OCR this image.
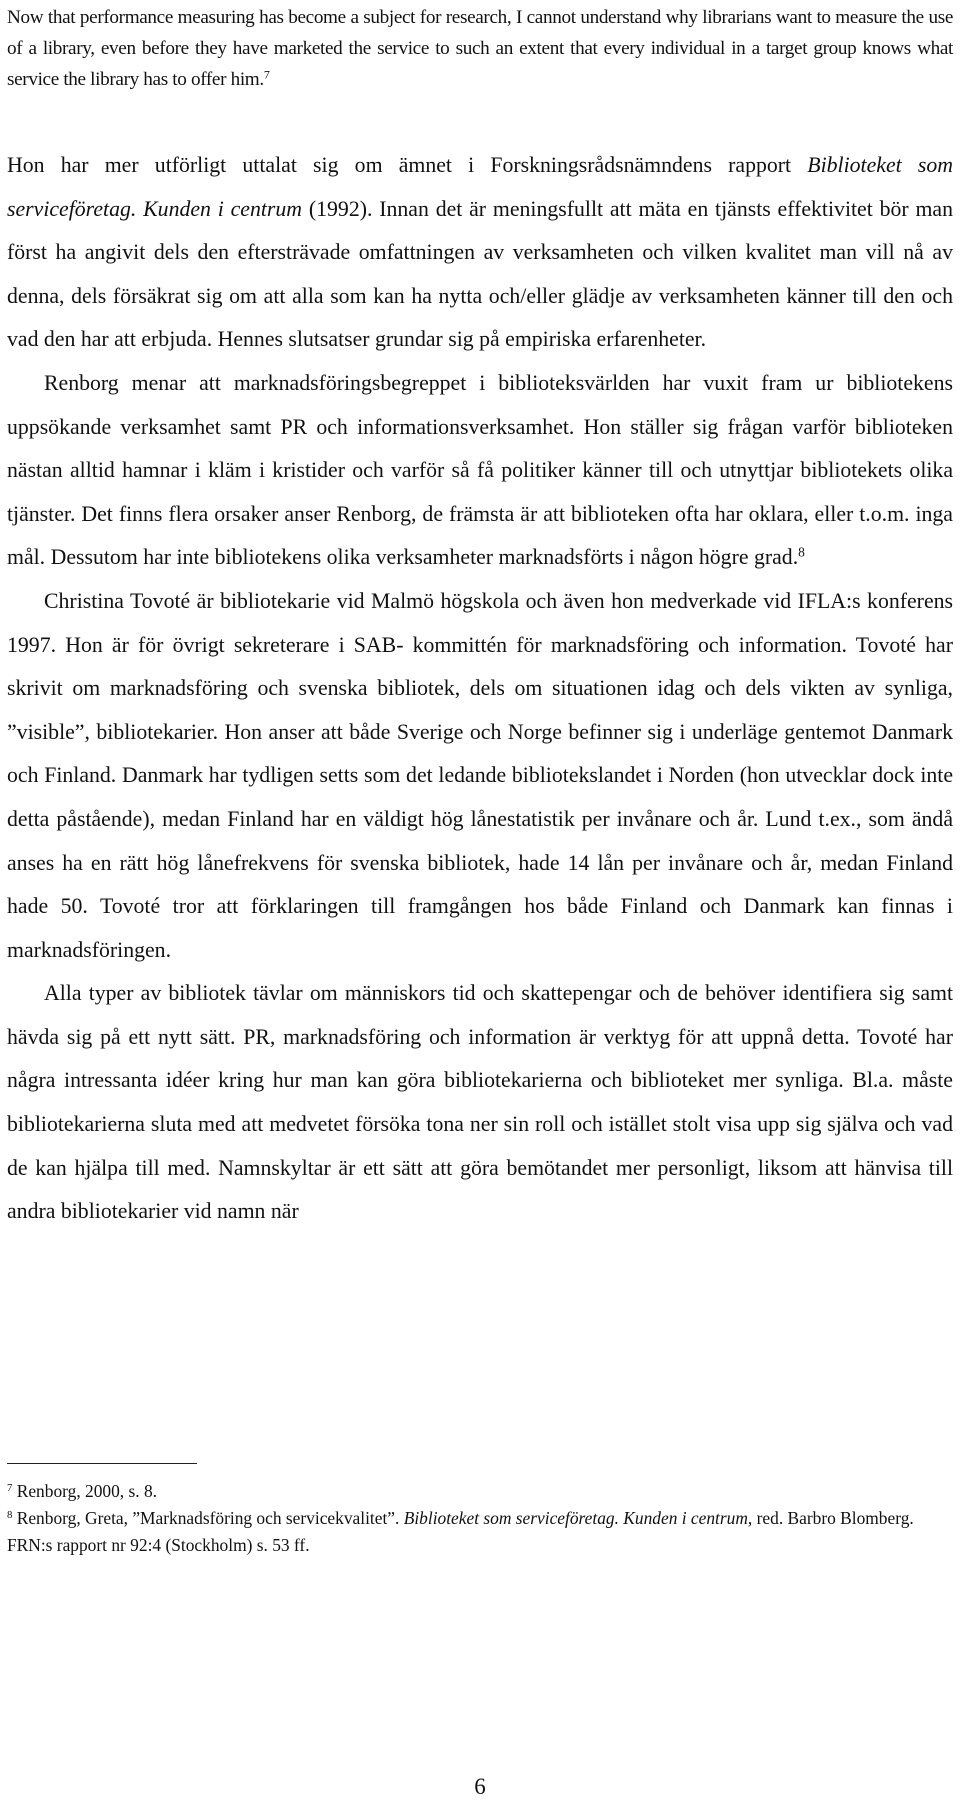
Now that performance measuring has become a subject for research, I cannot understand why librarians want to measure the use of a library, even before they have marketed the service to such an extent that every individual in a target group knows what service the library has to offer him.$^7$

Hon har mer utförligt uttalat sig om ämnet i Forskningsrådsnämndens rapport Biblioteket som serviceföretag. Kunden i centrum (1992). Innan det är meningsfullt att mäta en tjänsts effektivitet bör man först ha angivit dels den eftersträvade omfattningen av verksamheten och vilken kvalitet man vill nå av denna, dels försäkrat sig om att alla som kan ha nytta och/eller glädje av verksamheten känner till den och vad den har att erbjuda. Hennes slutsatser grundar sig på empiriska erfarenheter.

Renborg menar att marknadsföringsbegreppet i biblioteksvärlden har vuxit fram ur bibliotekens uppsökande verksamhet samt PR och informationsverksamhet. Hon ställer sig frågan varför biblioteken nästan alltid hamnar i kläm i kristider och varför så få politiker känner till och utnyttjar bibliotekets olika tjänster. Det finns flera orsaker anser Renborg, de främsta är att biblioteken ofta har oklara, eller t.o.m. inga mål. Dessutom har inte bibliotekens olika verksamheter marknadsförts i någon högre grad.$^8$

Christina Tovoté är bibliotekarie vid Malmö högskola och även hon medverkade vid IFLA:s konferens 1997. Hon är för övrigt sekreterare i SAB- kommittén för marknadsföring och information. Tovoté har skrivit om marknadsföring och svenska bibliotek, dels om situationen idag och dels vikten av synliga, ”visible”, bibliotekarier. Hon anser att både Sverige och Norge befinner sig i underläge gentemot Danmark och Finland. Danmark har tydligen setts som det ledande bibliotekslandet i Norden (hon utvecklar dock inte detta påstående), medan Finland har en väldigt hög lånestatistik per invånare och år. Lund t.ex., som ändå anses ha en rätt hög lånefrekvens för svenska bibliotek, hade 14 lån per invånare och år, medan Finland hade 50. Tovoté tror att förklaringen till framgången hos både Finland och Danmark kan finnas i marknadsföringen.

Alla typer av bibliotek tävlar om människors tid och skattepengar och de behöver identifiera sig samt hävda sig på ett nytt sätt. PR, marknadsföring och information är verktyg för att uppnå detta. Tovoté har några intressanta idéer kring hur man kan göra bibliotekarierna och biblioteket mer synliga. Bl.a. måste bibliotekarierna sluta med att medvetet försöka tona ner sin roll och istället stolt visa upp sig själva och vad de kan hjälpa till med. Namnskyltar är ett sätt att göra bemötandet mer personligt, liksom att hänvisa till andra bibliotekarier vid namn när

$^7$ Renborg, 2000, s. 8.

$^8$ Renborg, Greta, ”Marknadsföring och servicekvalitet”. Biblioteket som serviceföretag. Kunden i centrum, red. Barbro Blomberg. FRN:s rapport nr 92:4 (Stockholm) s. 53 ff.

6
